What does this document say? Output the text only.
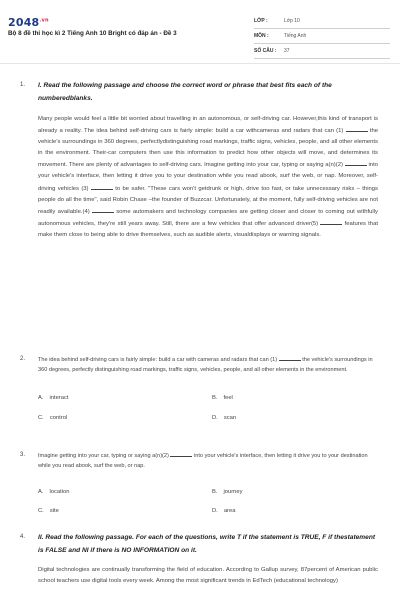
$2048^{.vn}$
Bộ 8 đề thi học kì 2 Tiếng Anh 10 Bright có đáp án - Đề 3
LỚP :	Lớp 10
MÔN :	Tiếng Anh
SỐ CÂU :	37
1. I. Read the following passage and choose the correct word or phrase that best fits each of the numberedblanks.
Many people would feel a little bit worried about travelling in an autonomous, or self-driving car. However,this kind of transport is already a reality. The idea behind self-driving cars is fairly simple: build a car withcameras and radars that can (1)	the vehicle's surroundings in 360 degrees, perfectlydistinguishing road markings, traffic signs, vehicles, people, and all other elements in the environment. Their-car computers then use this information to predict how other objects will move, and determines its movement. There are plenty of advantages to self-driving cars. Imagine getting into your car, typing or saying a(n)(2)	into your vehicle's interface, then letting it drive you to your destination while you read abook, surf the web, or nap. Moreover, self-driving vehicles (3)	to be safer. "These cars won't getdrunk or high, drive too fast, or take unnecessary risks – things people do all the time", said Robin Chase –the founder of Buzzcar. Unfortunately, at the moment, fully self-driving vehicles are not readily available.(4)	some automakers and technology companies are getting closer and closer to coming out withfully autonomous vehicles, they're still years away. Still, there are a few vehicles that offer advanced driver(5)	features that make them close to being able to drive themselves, such as audible alerts, visualdisplays or warning signals.
2. The idea behind self-driving cars is fairly simple: build a car with cameras and radars that can (1)	the vehicle's surroundings in 360 degrees, perfectly distinguishing road markings, traffic signs, vehicles, people, and all other elements in the environment.
A. interact	B. feel
C. control	D. scan
3. Imagine getting into your car, typing or saying a(n)(2)	into your vehicle's interface, then letting it drive you to your destination while you read abook, surf the web, or nap.
A. location	B. journey
C. site	D. area
4. II. Read the following passage. For each of the questions, write T if the statement is TRUE, F if thestatement is FALSE and NI if there is NO INFORMATION on it.
Digital technologies are continually transforming the field of education. According to Gallup survey, 87percent of American public school teachers use digital tools every week. Among the most significant trends in EdTech (educational technology)
